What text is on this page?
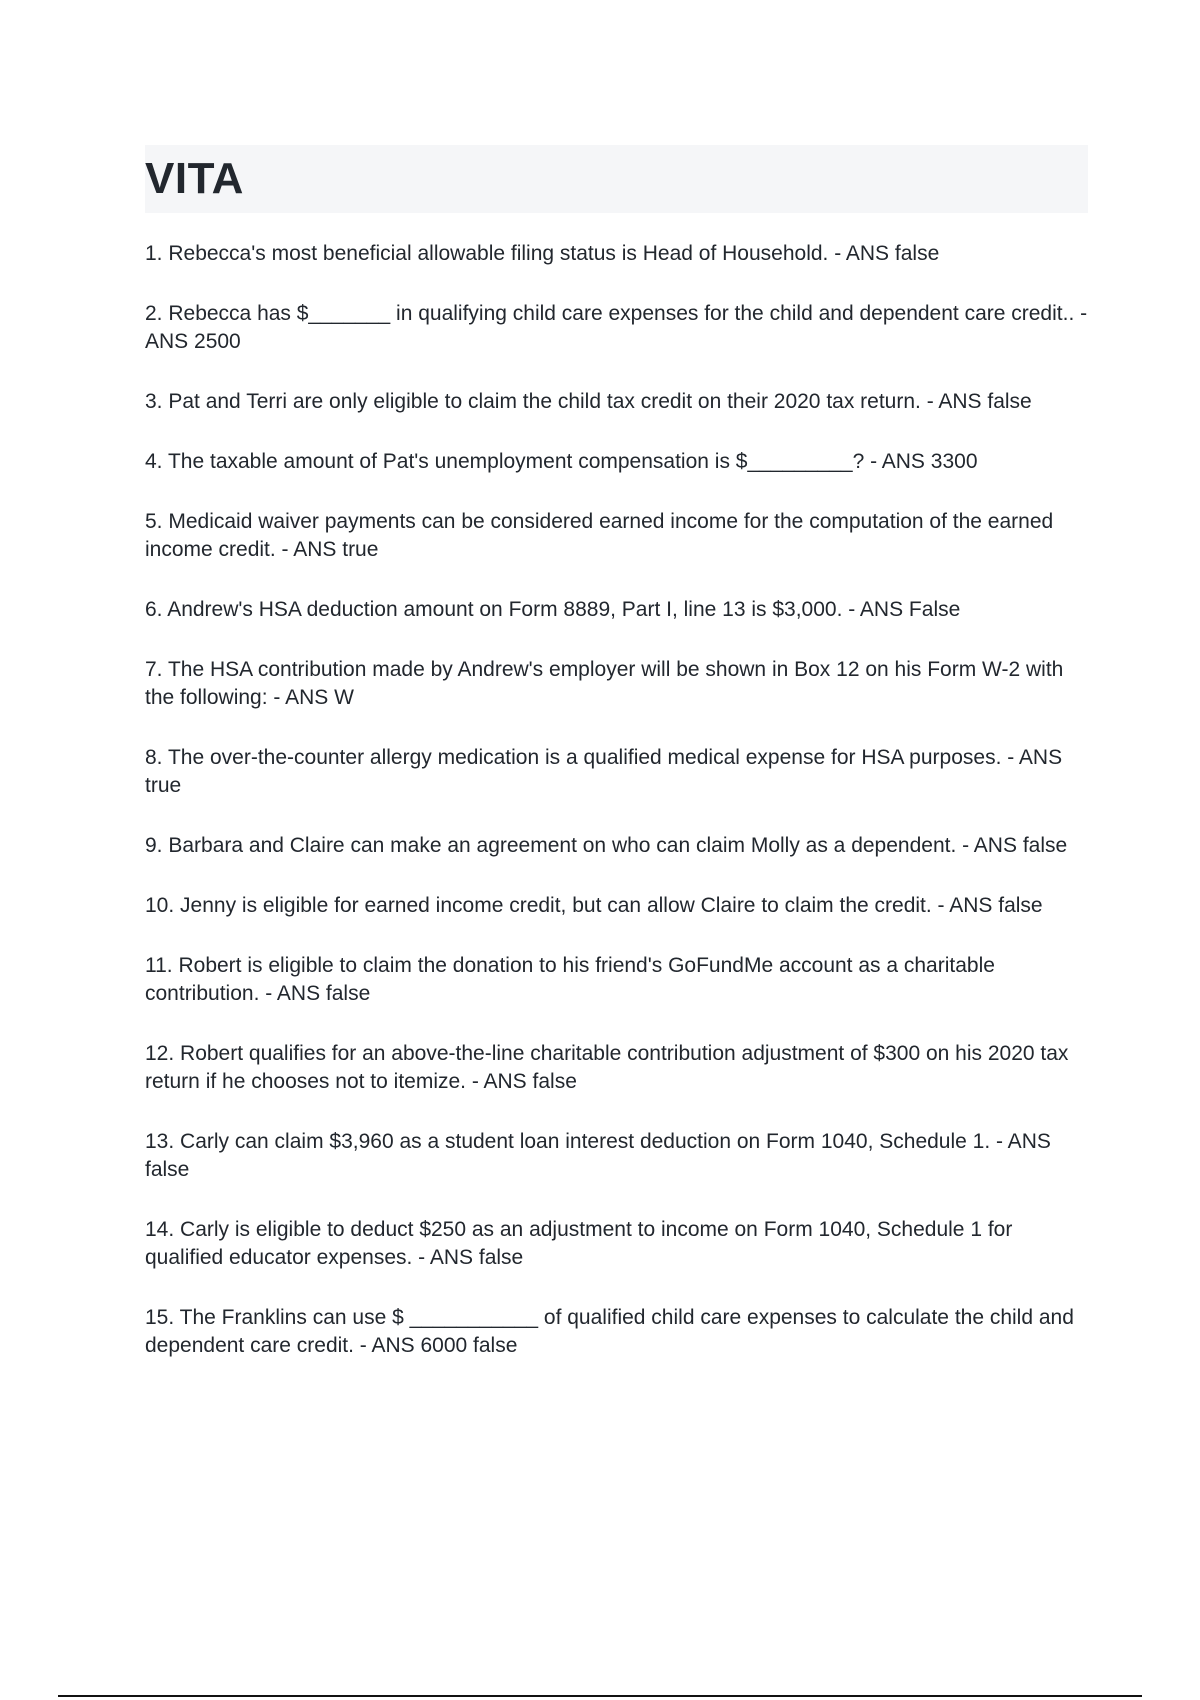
VITA

1. Rebecca's most beneficial allowable filing status is Head of Household. - ANS false

2. Rebecca has $_______ in qualifying child care expenses for the child and dependent care credit.. - ANS 2500

3. Pat and Terri are only eligible to claim the child tax credit on their 2020 tax return. - ANS false

4. The taxable amount of Pat's unemployment compensation is $_________? - ANS 3300

5. Medicaid waiver payments can be considered earned income for the computation of the earned income credit. - ANS true

6. Andrew's HSA deduction amount on Form 8889, Part I, line 13 is $3,000. - ANS False

7. The HSA contribution made by Andrew's employer will be shown in Box 12 on his Form W-2 with the following: - ANS W

8. The over-the-counter allergy medication is a qualified medical expense for HSA purposes. - ANS true

9. Barbara and Claire can make an agreement on who can claim Molly as a dependent. - ANS false

10. Jenny is eligible for earned income credit, but can allow Claire to claim the credit. - ANS false

11. Robert is eligible to claim the donation to his friend's GoFundMe account as a charitable contribution. - ANS false

12. Robert qualifies for an above-the-line charitable contribution adjustment of $300 on his 2020 tax return if he chooses not to itemize. - ANS false

13. Carly can claim $3,960 as a student loan interest deduction on Form 1040, Schedule 1. - ANS false

14. Carly is eligible to deduct $250 as an adjustment to income on Form 1040, Schedule 1 for qualified educator expenses. - ANS false

15. The Franklins can use $ ___________ of qualified child care expenses to calculate the child and dependent care credit. - ANS 6000 false
